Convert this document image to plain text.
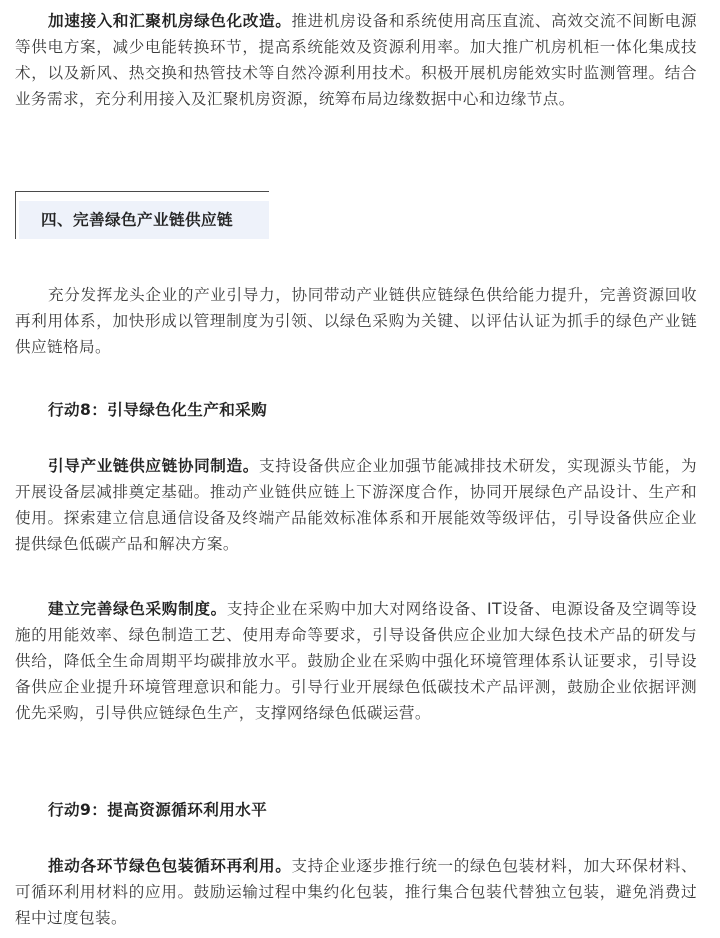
加速接入和汇聚机房绿色化改造。推进机房设备和系统使用高压直流、高效交流不间断电源等供电方案，减少电能转换环节，提高系统能效及资源利用率。加大推广机房机柜一体化集成技术，以及新风、热交换和热管技术等自然冷源利用技术。积极开展机房能效实时监测管理。结合业务需求，充分利用接入及汇聚机房资源，统筹布局边缘数据中心和边缘节点。

四、完善绿色产业链供应链

充分发挥龙头企业的产业引导力，协同带动产业链供应链绿色供给能力提升，完善资源回收再利用体系，加快形成以管理制度为引领、以绿色采购为关键、以评估认证为抓手的绿色产业链供应链格局。

行动8：引导绿色化生产和采购

引导产业链供应链协同制造。支持设备供应企业加强节能减排技术研发，实现源头节能，为开展设备层减排奠定基础。推动产业链供应链上下游深度合作，协同开展绿色产品设计、生产和使用。探索建立信息通信设备及终端产品能效标准体系和开展能效等级评估，引导设备供应企业提供绿色低碳产品和解决方案。

建立完善绿色采购制度。支持企业在采购中加大对网络设备、IT设备、电源设备及空调等设施的用能效率、绿色制造工艺、使用寿命等要求，引导设备供应企业加大绿色技术产品的研发与供给，降低全生命周期平均碳排放水平。鼓励企业在采购中强化环境管理体系认证要求，引导设备供应企业提升环境管理意识和能力。引导行业开展绿色低碳技术产品评测，鼓励企业依据评测优先采购，引导供应链绿色生产，支撑网络绿色低碳运营。

行动9：提高资源循环利用水平

推动各环节绿色包装循环再利用。支持企业逐步推行统一的绿色包装材料，加大环保材料、可循环利用材料的应用。鼓励运输过程中集约化包装，推行集合包装代替独立包装，避免消费过程中过度包装。
